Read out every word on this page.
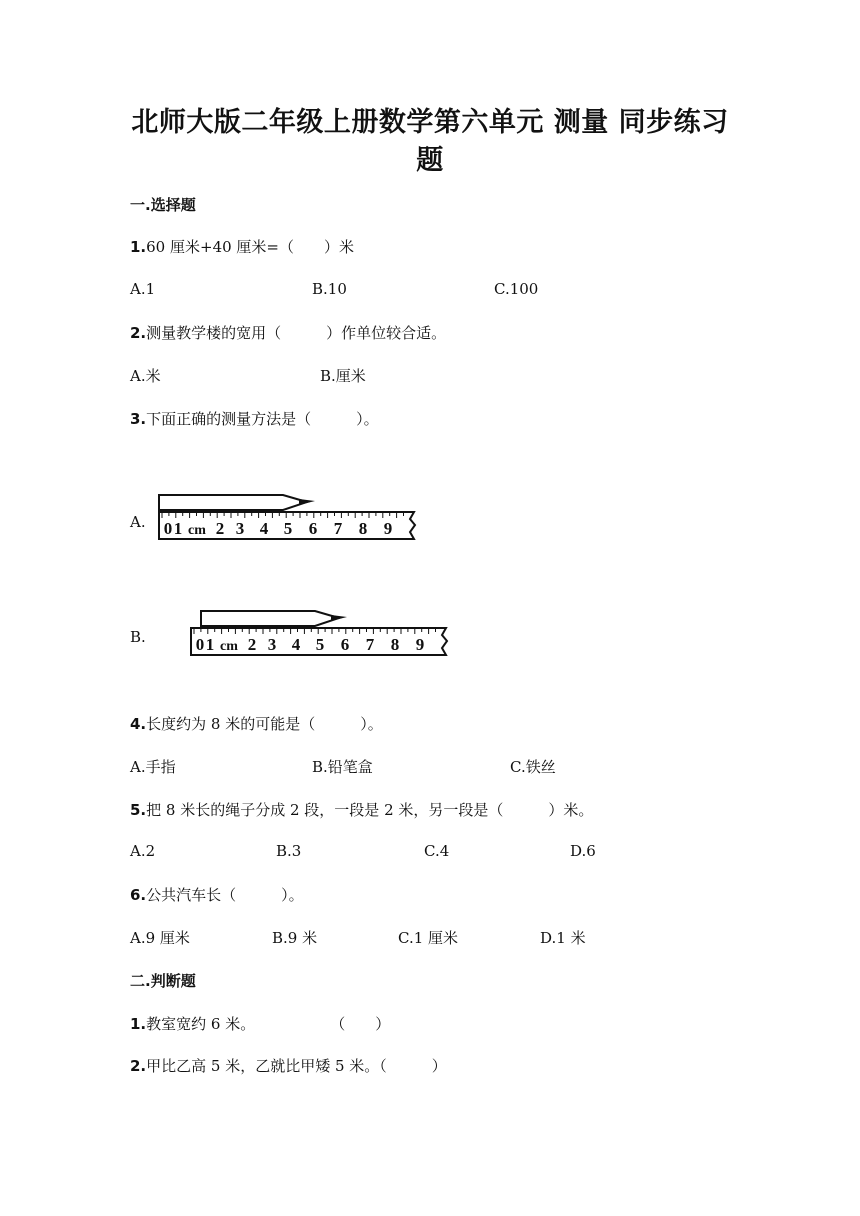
北师大版二年级上册数学第六单元 测量 同步练习
题
一.选择题
1.60 厘米+40 厘米=（　　）米
A.1	B.10	C.100
2.测量教学楼的宽用（　　　）作单位较合适。
A.米	B.厘米
3.下面正确的测量方法是（　　　）。
A. 0 1 cm 2 3 4 5 6 7 8 9
B.	0 1 cm 2 3 4 5 6 7 8 9
4.长度约为 8 米的可能是（　　　）。
A.手指	B.铅笔盒	C.铁丝
5.把 8 米长的绳子分成 2 段，一段是 2 米，另一段是（　　　）米。
A.2	B.3	C.4	D.6
6.公共汽车长（　　　）。
A.9 厘米	B.9 米	C.1 厘米	D.1 米
二.判断题
1.教室宽约 6 米。　　　　　　（　　）
2.甲比乙高 5 米，乙就比甲矮 5 米。（　　　）
